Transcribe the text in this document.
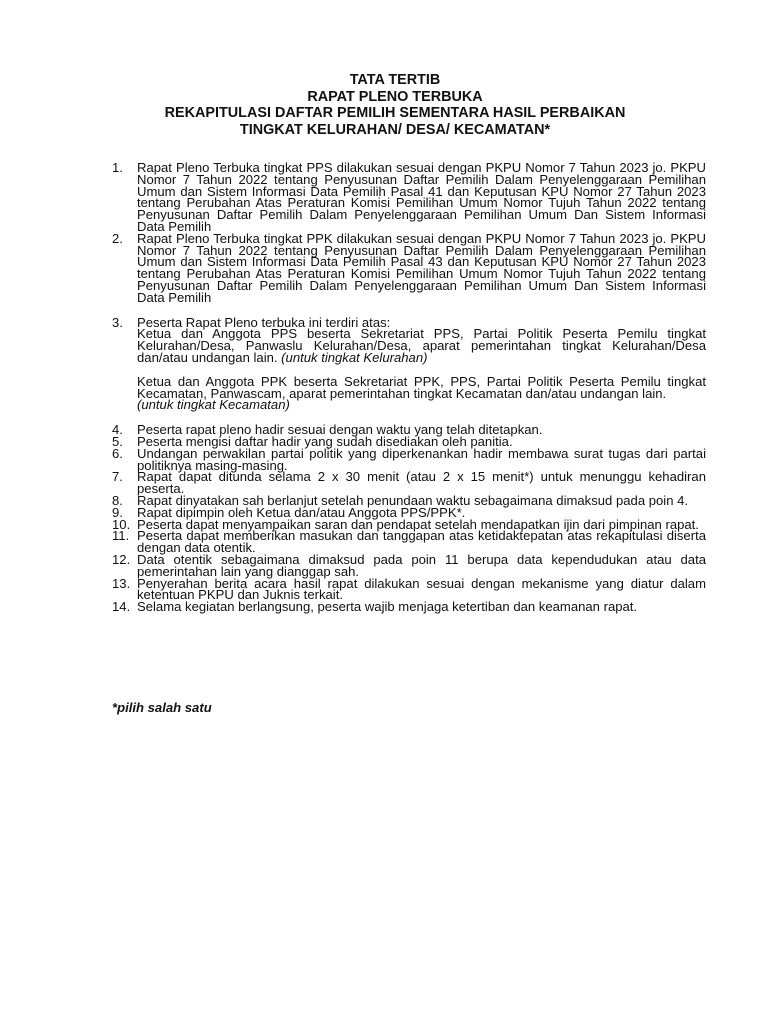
TATA TERTIB
RAPAT PLENO TERBUKA
REKAPITULASI DAFTAR PEMILIH SEMENTARA HASIL PERBAIKAN
TINGKAT KELURAHAN/ DESA/ KECAMATAN*
1. Rapat Pleno Terbuka tingkat PPS dilakukan sesuai dengan PKPU Nomor 7 Tahun 2023 jo. PKPU Nomor 7 Tahun 2022 tentang Penyusunan Daftar Pemilih Dalam Penyelenggaraan Pemilihan Umum dan Sistem Informasi Data Pemilih Pasal 41 dan Keputusan KPU Nomor 27 Tahun 2023 tentang Perubahan Atas Peraturan Komisi Pemilihan Umum Nomor Tujuh Tahun 2022 tentang Penyusunan Daftar Pemilih Dalam Penyelenggaraan Pemilihan Umum Dan Sistem Informasi Data Pemilih

2. Rapat Pleno Terbuka tingkat PPK dilakukan sesuai dengan PKPU Nomor 7 Tahun 2023 jo. PKPU Nomor 7 Tahun 2022 tentang Penyusunan Daftar Pemilih Dalam Penyelenggaraan Pemilihan Umum dan Sistem Informasi Data Pemilih Pasal 43 dan Keputusan KPU Nomor 27 Tahun 2023 tentang Perubahan Atas Peraturan Komisi Pemilihan Umum Nomor Tujuh Tahun 2022 tentang Penyusunan Daftar Pemilih Dalam Penyelenggaraan Pemilihan Umum Dan Sistem Informasi Data Pemilih

3. Peserta Rapat Pleno terbuka ini terdiri atas:

Ketua dan Anggota PPS beserta Sekretariat PPS, Partai Politik Peserta Pemilu tingkat Kelurahan/Desa, Panwaslu Kelurahan/Desa, aparat pemerintahan tingkat Kelurahan/Desa dan/atau undangan lain. (untuk tingkat Kelurahan)

Ketua dan Anggota PPK beserta Sekretariat PPK, PPS, Partai Politik Peserta Pemilu tingkat Kecamatan, Panwascam, aparat pemerintahan tingkat Kecamatan dan/atau undangan lain.
(untuk tingkat Kecamatan)

4. Peserta rapat pleno hadir sesuai dengan waktu yang telah ditetapkan.

5. Peserta mengisi daftar hadir yang sudah disediakan oleh panitia.

6. Undangan perwakilan partai politik yang diperkenankan hadir membawa surat tugas dari partai politiknya masing-masing.

7. Rapat dapat ditunda selama 2 x 30 menit (atau 2 x 15 menit*) untuk menunggu kehadiran peserta.

8. Rapat dinyatakan sah berlanjut setelah penundaan waktu sebagaimana dimaksud pada poin 4.

9. Rapat dipimpin oleh Ketua dan/atau Anggota PPS/PPK*.

10. Peserta dapat menyampaikan saran dan pendapat setelah mendapatkan ijin dari pimpinan rapat.

11. Peserta dapat memberikan masukan dan tanggapan atas ketidaktepatan atas rekapitulasi diserta dengan data otentik.

12. Data otentik sebagaimana dimaksud pada poin 11 berupa data kependudukan atau data pemerintahan lain yang dianggap sah.

13. Penyerahan berita acara hasil rapat dilakukan sesuai dengan mekanisme yang diatur dalam ketentuan PKPU dan Juknis terkait.

14. Selama kegiatan berlangsung, peserta wajib menjaga ketertiban dan keamanan rapat.

*pilih salah satu
